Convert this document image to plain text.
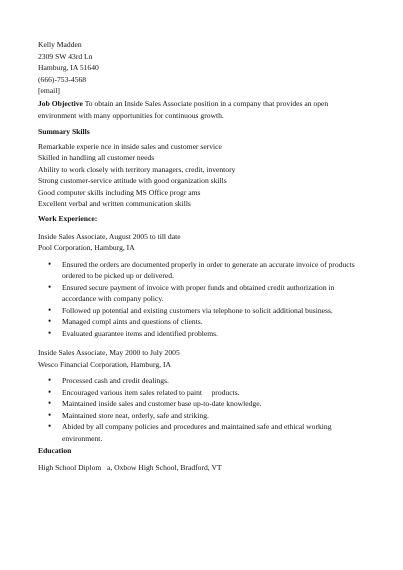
Kelly Madden
2309 SW 43rd Ln
Hamburg, IA 51640
(666)-753-4568
[email]
Job Objective To obtain an Inside Sales Associate position in a company that provides an open environment with many opportunities for continuous growth.
Summary Skills
Remarkable experie nce in inside sales and customer service
Skilled in handling all customer needs
Ability to work closely with territory managers, credit, inventory
Strong customer-service attitude with good organization skills
Good computer skills including MS Office progr ams
Excellent verbal and written communication skills
Work Experience:
Inside Sales Associate, August 2005 to till date
Pool Corporation, Hamburg, IA
• Ensured the orders are documented properly in order to generate an accurate invoice of products ordered to be picked up or delivered.
• Ensured secure payment of invoice with proper funds and obtained credit authorization in accordance with company policy.
• Followed up potential and existing customers via telephone to solicit additional business.
• Managed compl aints and questions of clients.
• Evaluated guarantee items and identified problems.
Inside Sales Associate, May 2000 to July 2005
Wesco Financial Corporation, Hamburg, IA
• Processed cash and credit dealings.
• Encouraged various item sales related to paint     products.
• Maintained inside sales and customer base up-to-date knowledge.
• Maintained store neat, orderly, safe and striking.
• Abided by all company policies and procedures and maintained safe and ethical working environment.
Education
High School Diplom   a, Oxbow High School, Bradford, VT
